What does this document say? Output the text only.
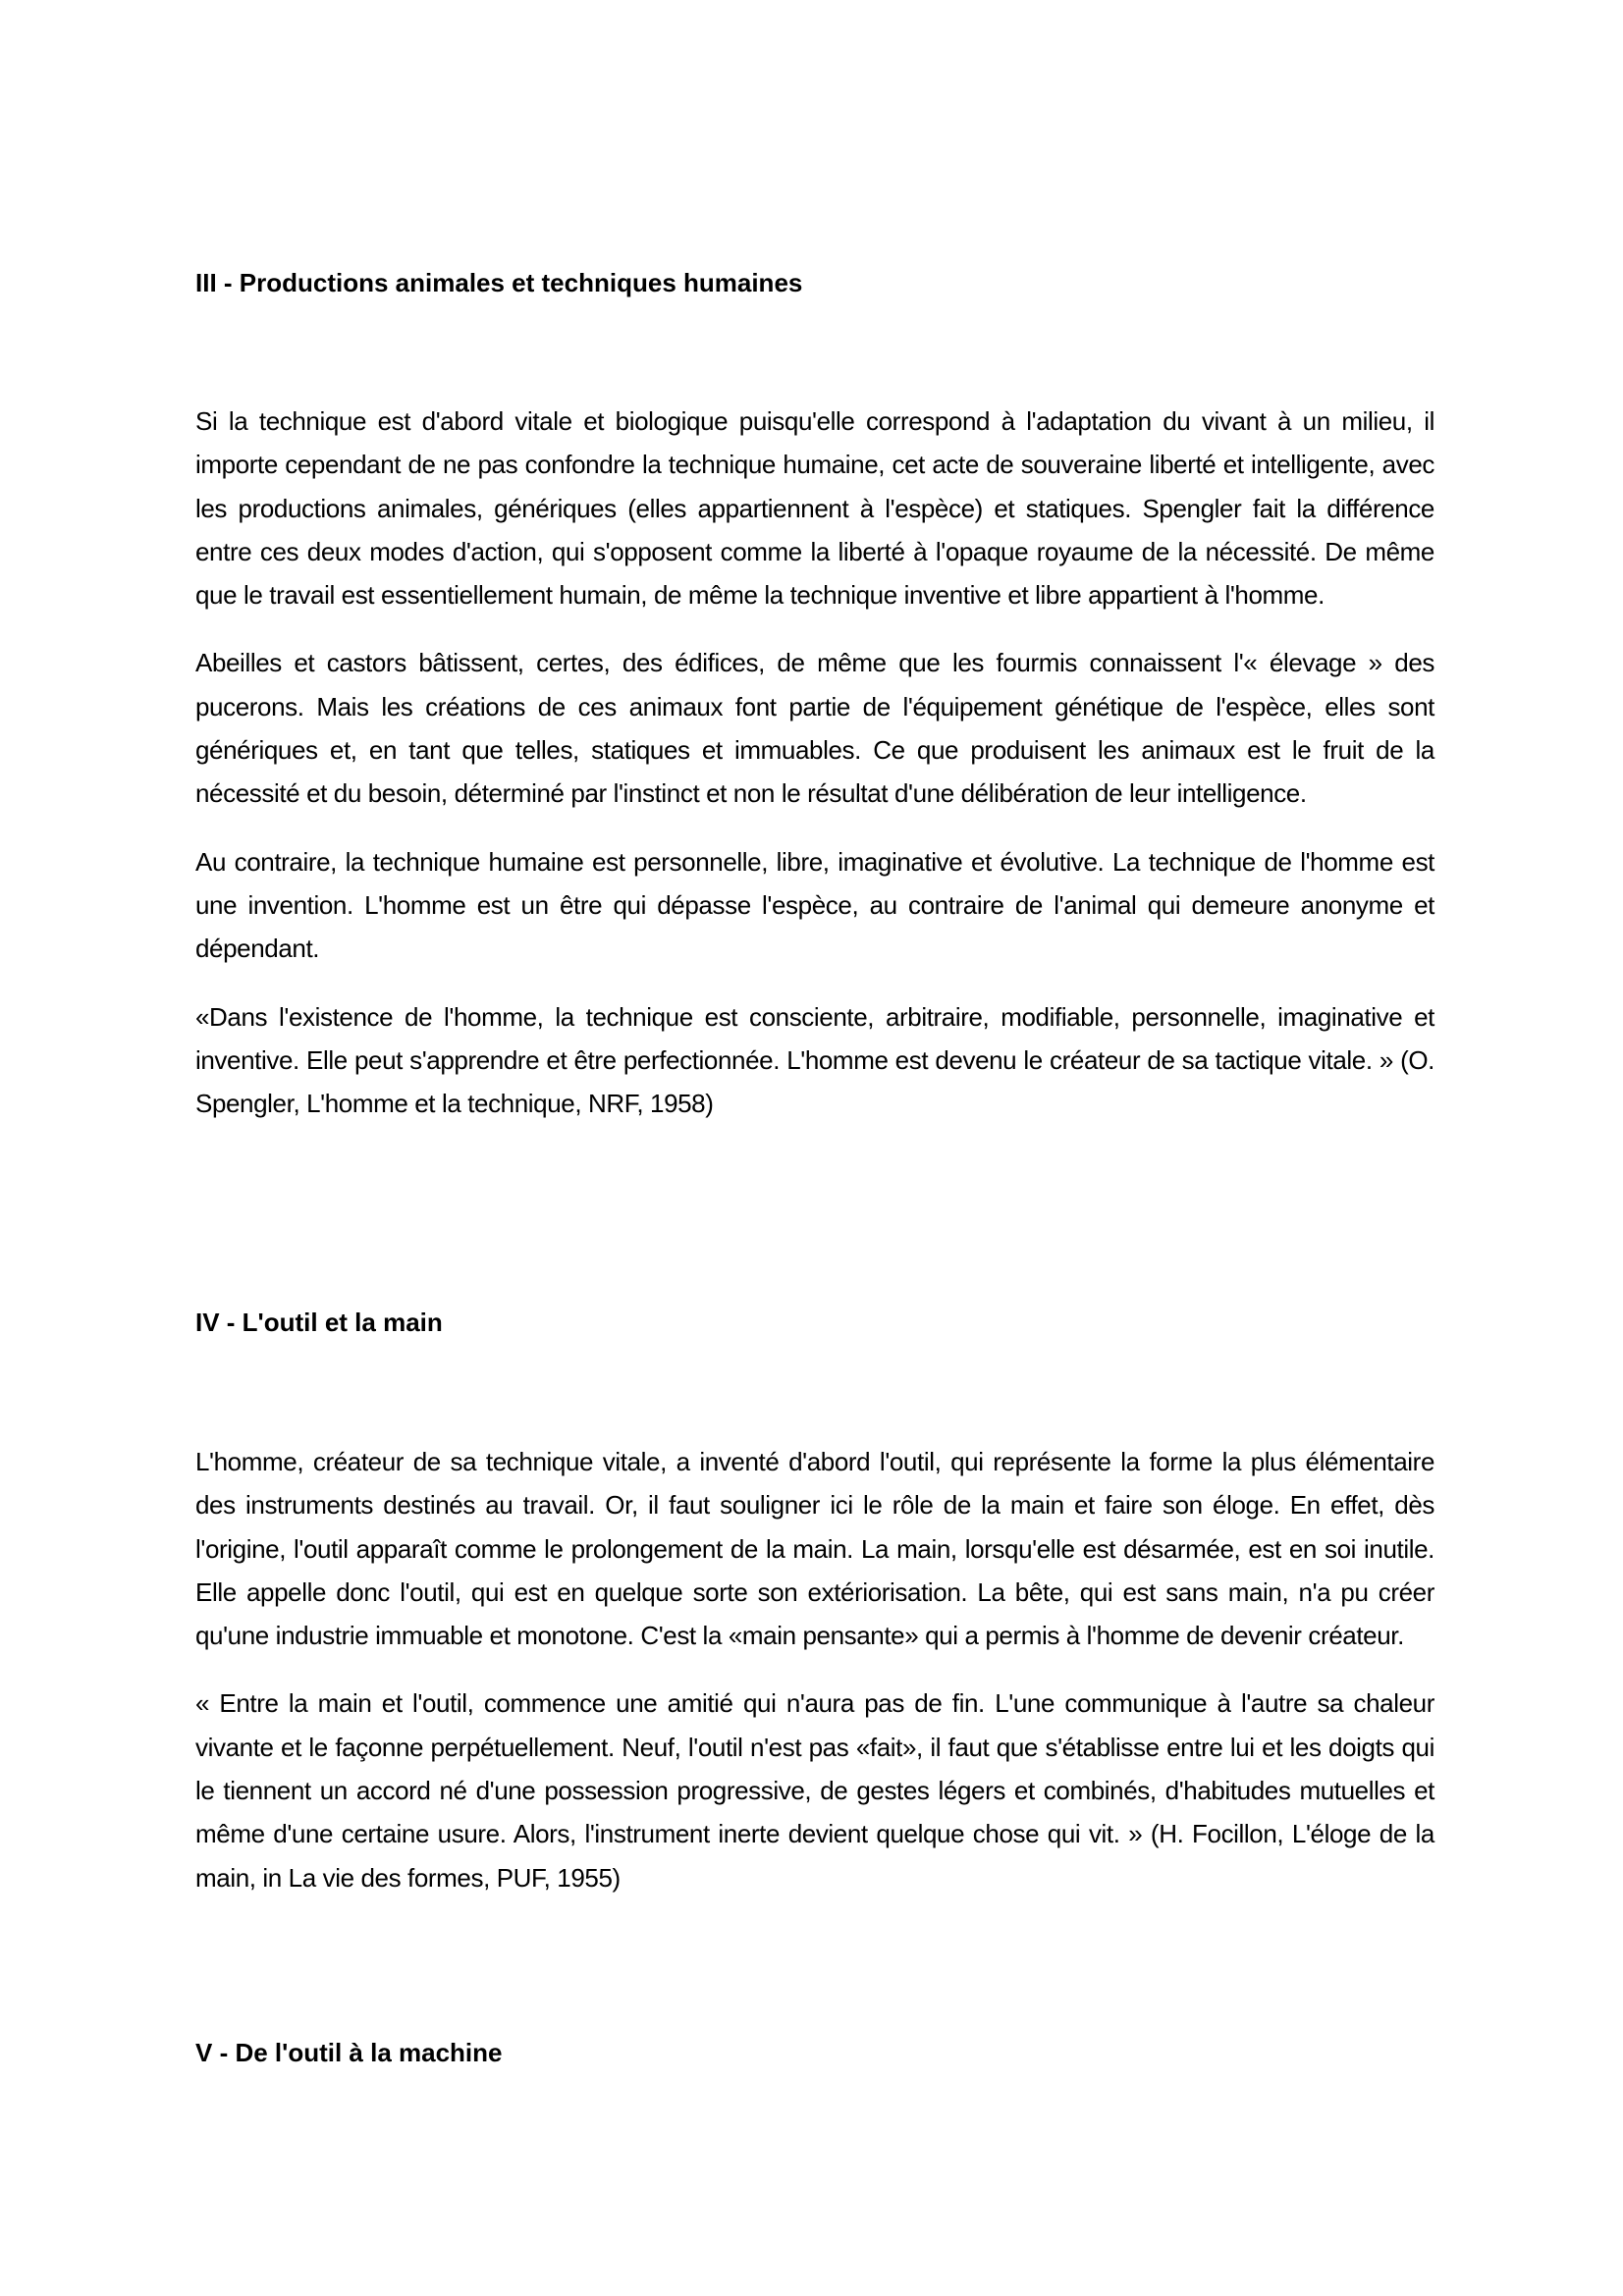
III - Productions animales et techniques humaines

Si la technique est d'abord vitale et biologique puisqu'elle correspond à l'adaptation du vivant à un milieu, il importe cependant de ne pas confondre la technique humaine, cet acte de souveraine liberté et intelligente, avec les productions animales, génériques (elles appartiennent à l'espèce) et statiques. Spengler fait la différence entre ces deux modes d'action, qui s'opposent comme la liberté à l'opaque royaume de la nécessité. De même que le travail est essentiellement humain, de même la technique inventive et libre appartient à l'homme.

Abeilles et castors bâtissent, certes, des édifices, de même que les fourmis connaissent l'« élevage » des pucerons. Mais les créations de ces animaux font partie de l'équipement génétique de l'espèce, elles sont génériques et, en tant que telles, statiques et immuables. Ce que produisent les animaux est le fruit de la nécessité et du besoin, déterminé par l'instinct et non le résultat d'une délibération de leur intelligence.

Au contraire, la technique humaine est personnelle, libre, imaginative et évolutive. La technique de l'homme est une invention. L'homme est un être qui dépasse l'espèce, au contraire de l'animal qui demeure anonyme et dépendant.

«Dans l'existence de l'homme, la technique est consciente, arbitraire, modifiable, personnelle, imaginative et inventive. Elle peut s'apprendre et être perfectionnée. L'homme est devenu le créateur de sa tactique vitale. » (O. Spengler, L'homme et la technique, NRF, 1958)

IV - L'outil et la main

L'homme, créateur de sa technique vitale, a inventé d'abord l'outil, qui représente la forme la plus élémentaire des instruments destinés au travail. Or, il faut souligner ici le rôle de la main et faire son éloge. En effet, dès l'origine, l'outil apparaît comme le prolongement de la main. La main, lorsqu'elle est désarmée, est en soi inutile. Elle appelle donc l'outil, qui est en quelque sorte son extériorisation. La bête, qui est sans main, n'a pu créer qu'une industrie immuable et monotone. C'est la «main pensante» qui a permis à l'homme de devenir créateur.

« Entre la main et l'outil, commence une amitié qui n'aura pas de fin. L'une communique à l'autre sa chaleur vivante et le façonne perpétuellement. Neuf, l'outil n'est pas «fait», il faut que s'établisse entre lui et les doigts qui le tiennent un accord né d'une possession progressive, de gestes légers et combinés, d'habitudes mutuelles et même d'une certaine usure. Alors, l'instrument inerte devient quelque chose qui vit. » (H. Focillon, L'éloge de la main, in La vie des formes, PUF, 1955)

V - De l'outil à la machine
